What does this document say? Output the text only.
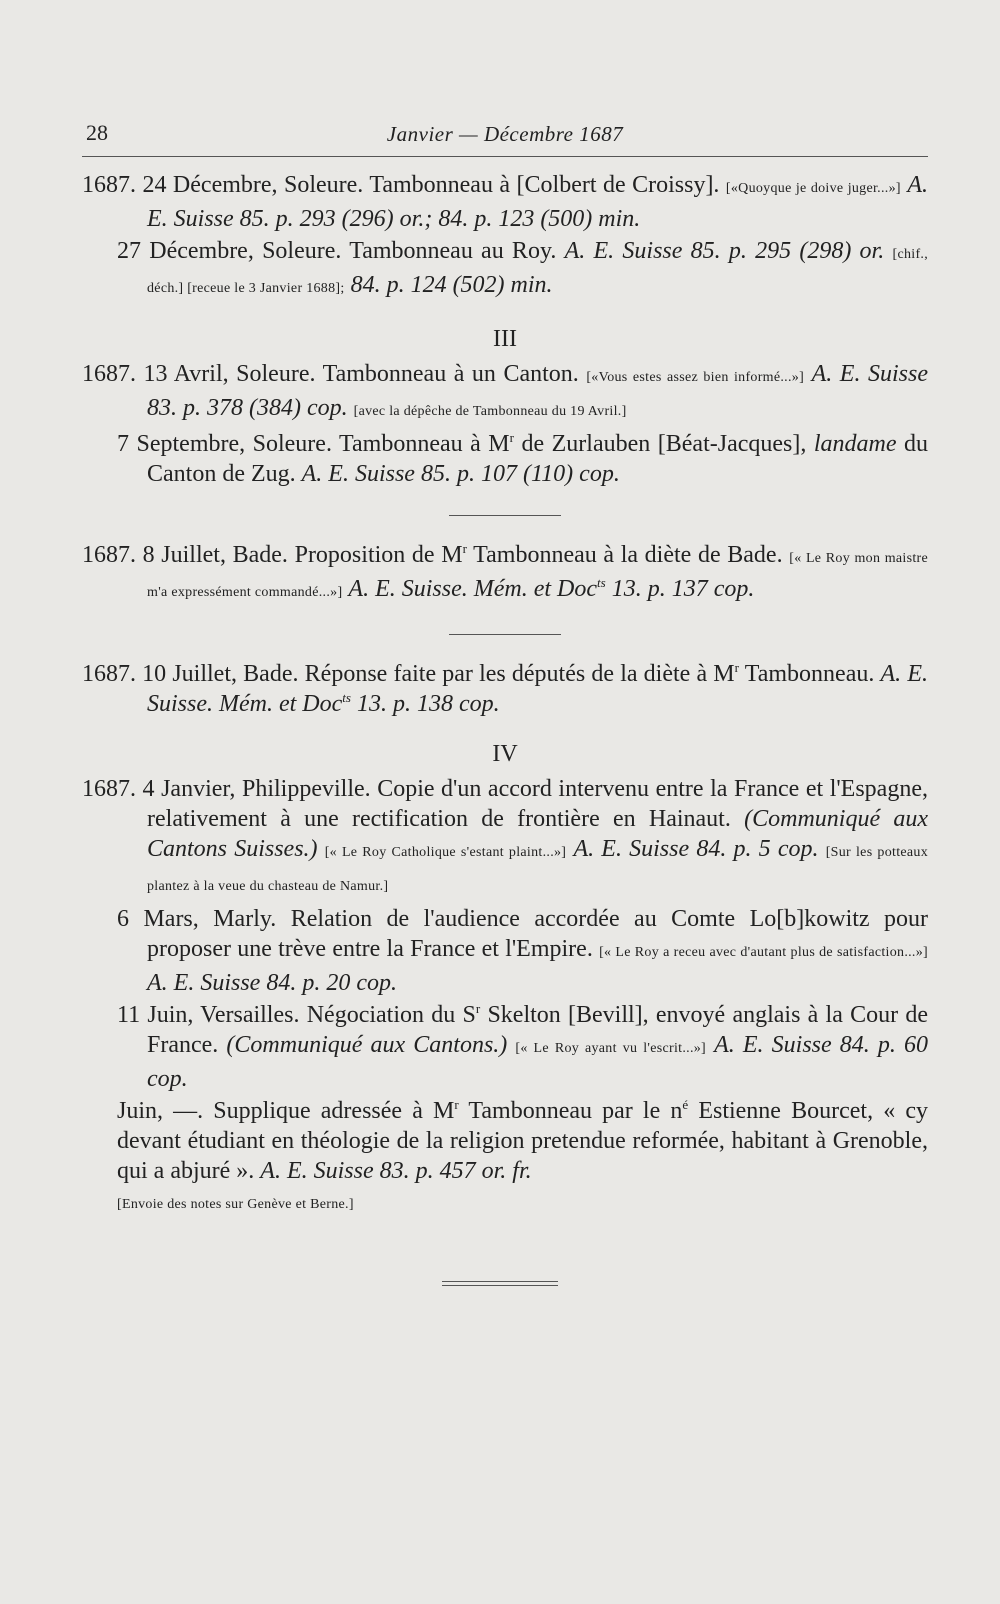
28	Janvier — Décembre 1687

1687. 24 Décembre, Soleure. Tambonneau à [Colbert de Croissy]. [«Quoyque je doive juger...»] A. E. Suisse 85. p. 293 (296) or.; 84. p. 123 (500) min.

27 Décembre, Soleure. Tambonneau au Roy. A. E. Suisse 85. p. 295 (298) or. [chif., déch.] [receue le 3 Janvier 1688]; 84. p. 124 (502) min.

III

1687. 13 Avril, Soleure. Tambonneau à un Canton. [«Vous estes assez bien informé...»] A. E. Suisse 83. p. 378 (384) cop. [avec la dépêche de Tambonneau du 19 Avril.]

7 Septembre, Soleure. Tambonneau à $M^r$ de Zurlauben [Béat-Jacques], landame du Canton de Zug. A. E. Suisse 85. p. 107 (110) cop.

1687. 8 Juillet, Bade. Proposition de $M^r$ Tambonneau à la diète de Bade. [« Le Roy mon maistre m'a expressément commandé...»] A. E. Suisse. Mém. et Doc$^{ts}$ 13. p. 137 cop.

1687. 10 Juillet, Bade. Réponse faite par les députés de la diète à $M^r$ Tambonneau. A. E. Suisse. Mém. et Doc$^{ts}$ 13. p. 138 cop.

IV

1687. 4 Janvier, Philippeville. Copie d'un accord intervenu entre la France et l'Espagne, relativement à une rectification de frontière en Hainaut. (Communiqué aux Cantons Suisses.) [« Le Roy Catholique s'estant plaint...»] A. E. Suisse 84. p. 5 cop. [Sur les potteaux plantez à la veue du chasteau de Namur.]

6 Mars, Marly. Relation de l'audience accordée au Comte Lo[b]kowitz pour proposer une trève entre la France et l'Empire. [« Le Roy a receu avec d'autant plus de satisfaction...»] A. E. Suisse 84. p. 20 cop.

11 Juin, Versailles. Négociation du $S^r$ Skelton [Bevill], envoyé anglais à la Cour de France. (Communiqué aux Cantons.) [« Le Roy ayant vu l'escrit...»] A. E. Suisse 84. p. 60 cop.

Juin, —. Supplique adressée à $M^r$ Tambonneau par le $n^é$ Estienne Bourcet, « cy devant étudiant en théologie de la religion pretendue reformée, habitant à Grenoble, qui a abjuré ». A. E. Suisse 83. p. 457 or. fr.
[Envoie des notes sur Genève et Berne.]
